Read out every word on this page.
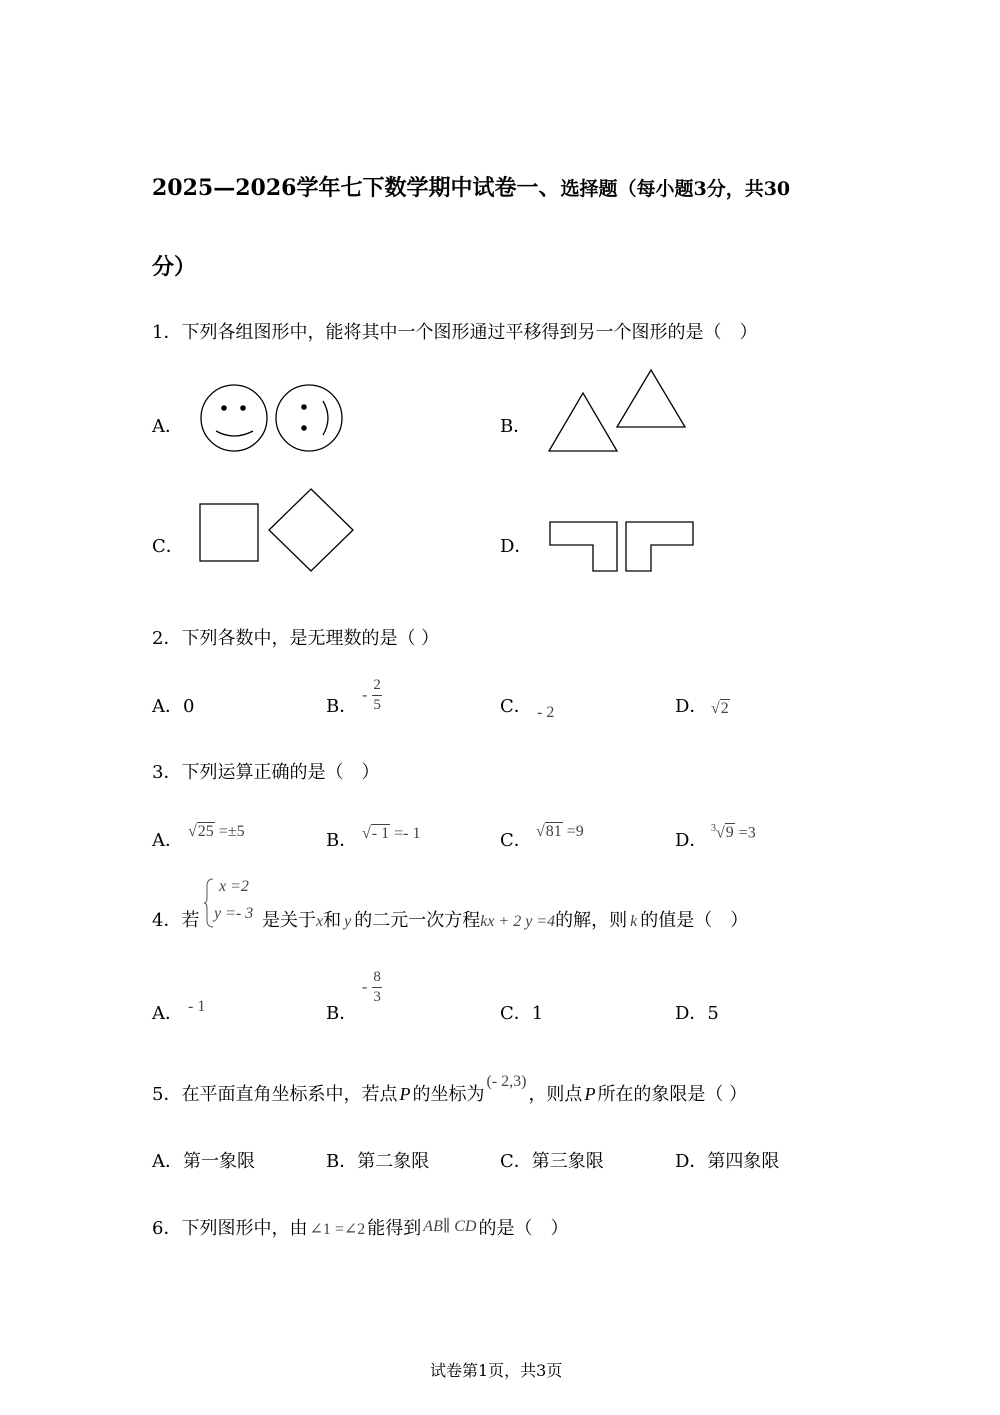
2025—2026学年七下数学期中试卷一、选择题（每小题3分，共30
分）
1．下列各组图形中，能将其中一个图形通过平移得到另一个图形的是（　）
A．	B．
C．	D．
2．下列各数中，是无理数的是（ ）
A．0	B．
- $\frac{2}{5}$	C． - 2	D． √2
3．下列运算正确的是（　）
A． √25 =±5	B． √- 1 =- 1	C． √81 =9	D．
$^3$√9 =3
4．若
x =2
y =- 3 是关于x和 y 的二元一次方程kx + 2 y =4的解，则 k 的值是（　）
A． - 1	B．
- $\frac{8}{3}$
C．1	D．5
5．在平面直角坐标系中，若点 P 的坐标为(- 2,3)，则点 P 所在的象限是（ ）
A．第一象限	B．第二象限	C．第三象限	D．第四象限
6．下列图形中，由 ∠1 =∠2 能得到 AB∥ CD 的是（　）
试卷第1页，共3页
